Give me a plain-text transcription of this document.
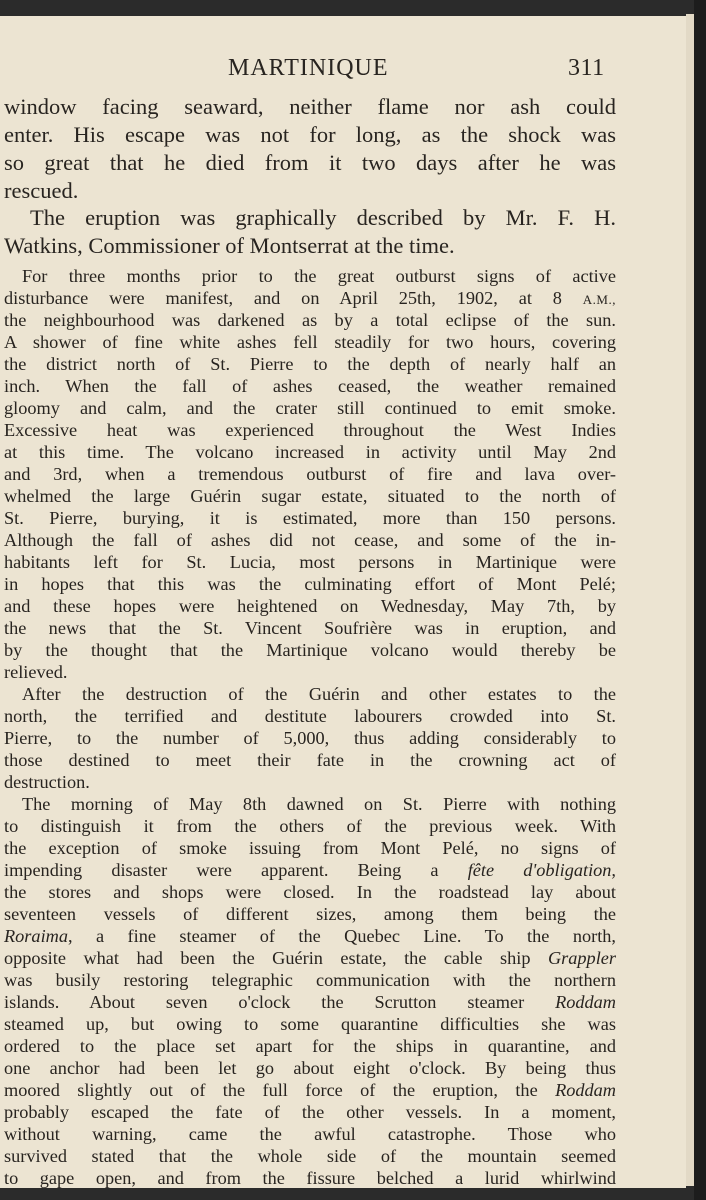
MARTINIQUE	311
window facing seaward, neither flame nor ash could
enter. His escape was not for long, as the shock was
so great that he died from it two days after he was
rescued.
The eruption was graphically described by Mr. F. H.
Watkins, Commissioner of Montserrat at the time.
For three months prior to the great outburst signs of active
disturbance were manifest, and on April 25th, 1902, at 8 A.M.,
the neighbourhood was darkened as by a total eclipse of the sun.
A shower of fine white ashes fell steadily for two hours, covering
the district north of St. Pierre to the depth of nearly half an
inch. When the fall of ashes ceased, the weather remained
gloomy and calm, and the crater still continued to emit smoke.
Excessive heat was experienced throughout the West Indies
at this time. The volcano increased in activity until May 2nd
and 3rd, when a tremendous outburst of fire and lava over-
whelmed the large Guérin sugar estate, situated to the north of
St. Pierre, burying, it is estimated, more than 150 persons.
Although the fall of ashes did not cease, and some of the in-
habitants left for St. Lucia, most persons in Martinique were
in hopes that this was the culminating effort of Mont Pelé;
and these hopes were heightened on Wednesday, May 7th, by
the news that the St. Vincent Soufrière was in eruption, and
by the thought that the Martinique volcano would thereby be
relieved.
After the destruction of the Guérin and other estates to the
north, the terrified and destitute labourers crowded into St.
Pierre, to the number of 5,000, thus adding considerably to
those destined to meet their fate in the crowning act of
destruction.
The morning of May 8th dawned on St. Pierre with nothing
to distinguish it from the others of the previous week. With
the exception of smoke issuing from Mont Pelé, no signs of
impending disaster were apparent. Being a fête d'obligation,
the stores and shops were closed. In the roadstead lay about
seventeen vessels of different sizes, among them being the
Roraima, a fine steamer of the Quebec Line. To the north,
opposite what had been the Guérin estate, the cable ship Grappler
was busily restoring telegraphic communication with the northern
islands. About seven o'clock the Scrutton steamer Roddam
steamed up, but owing to some quarantine difficulties she was
ordered to the place set apart for the ships in quarantine, and
one anchor had been let go about eight o'clock. By being thus
moored slightly out of the full force of the eruption, the Roddam
probably escaped the fate of the other vessels. In a moment,
without warning, came the awful catastrophe. Those who
survived stated that the whole side of the mountain seemed
to gape open, and from the fissure belched a lurid whirlwind
